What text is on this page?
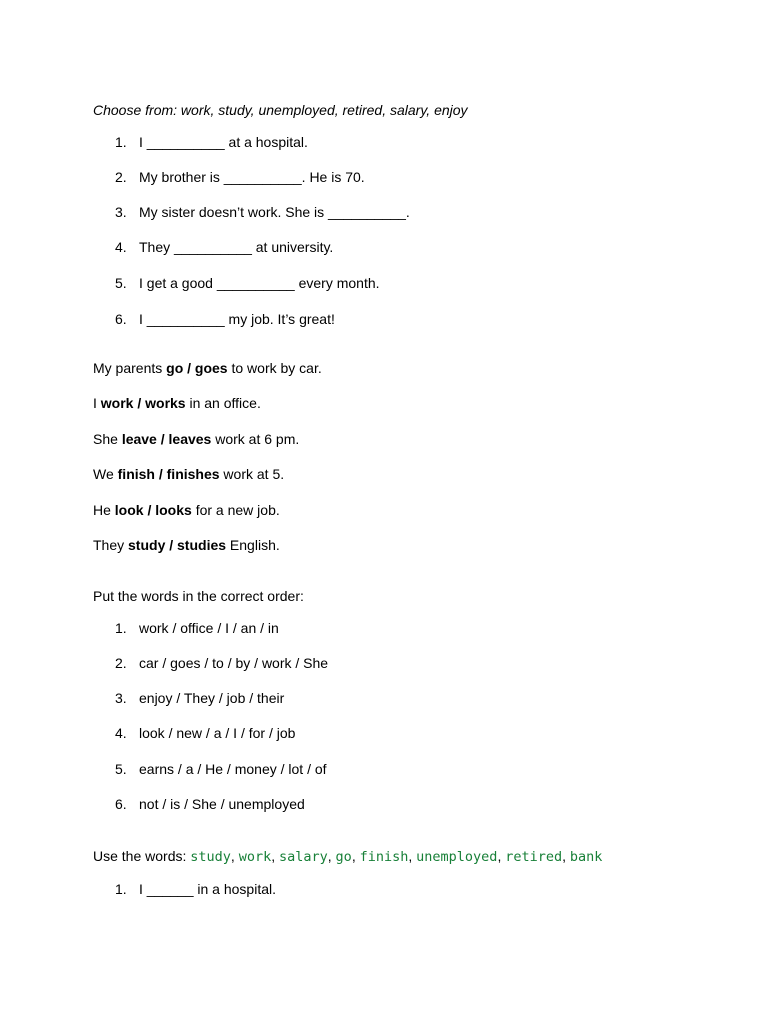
Choose from: work, study, unemployed, retired, salary, enjoy
1. I __________ at a hospital.
2. My brother is __________. He is 70.
3. My sister doesn’t work. She is __________.
4. They __________ at university.
5. I get a good __________ every month.
6. I __________ my job. It’s great!
My parents go / goes to work by car.
I work / works in an office.
She leave / leaves work at 6 pm.
We finish / finishes work at 5.
He look / looks for a new job.
They study / studies English.
Put the words in the correct order:
1. work / office / I / an / in
2. car / goes / to / by / work / She
3. enjoy / They / job / their
4. look / new / a / I / for / job
5. earns / a / He / money / lot / of
6. not / is / She / unemployed
Use the words: study, work, salary, go, finish, unemployed, retired, bank
1. I ______ in a hospital.
